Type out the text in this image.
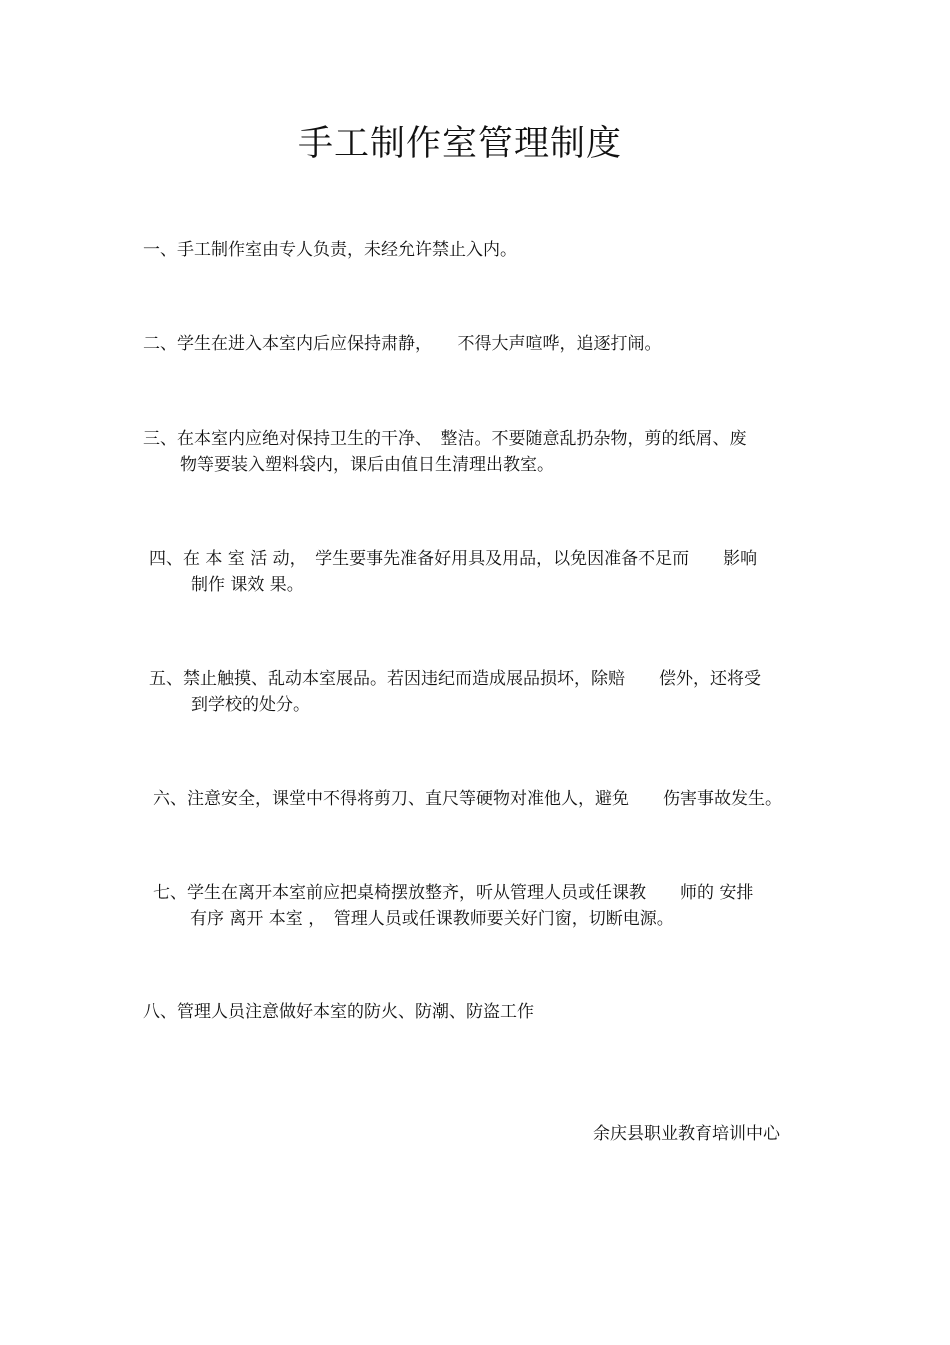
手工制作室管理制度
一、手工制作室由专人负责，未经允许禁止入内。
二、学生在进入本室内后应保持肃静，　　不得大声喧哗，追逐打闹。
三、在本室内应绝对保持卫生的干净、　整洁。不要随意乱扔杂物，剪的纸屑、废
物等要装入塑料袋内，课后由值日生清理出教室。
四、在 本 室 活 动，　学生要事先准备好用具及用品，以免因准备不足而　　影响
制作 课效 果。
五、禁止触摸、乱动本室展品。若因违纪而造成展品损坏，除赔　　偿外，还将受
到学校的处分。
六、注意安全，课堂中不得将剪刀、直尺等硬物对准他人，避免　　伤害事故发生。
七、学生在离开本室前应把桌椅摆放整齐，听从管理人员或任课教　　师的 安排
有序 离开 本室 ，　管理人员或任课教师要关好门窗，切断电源。
八、管理人员注意做好本室的防火、防潮、防盗工作
余庆县职业教育培训中心
